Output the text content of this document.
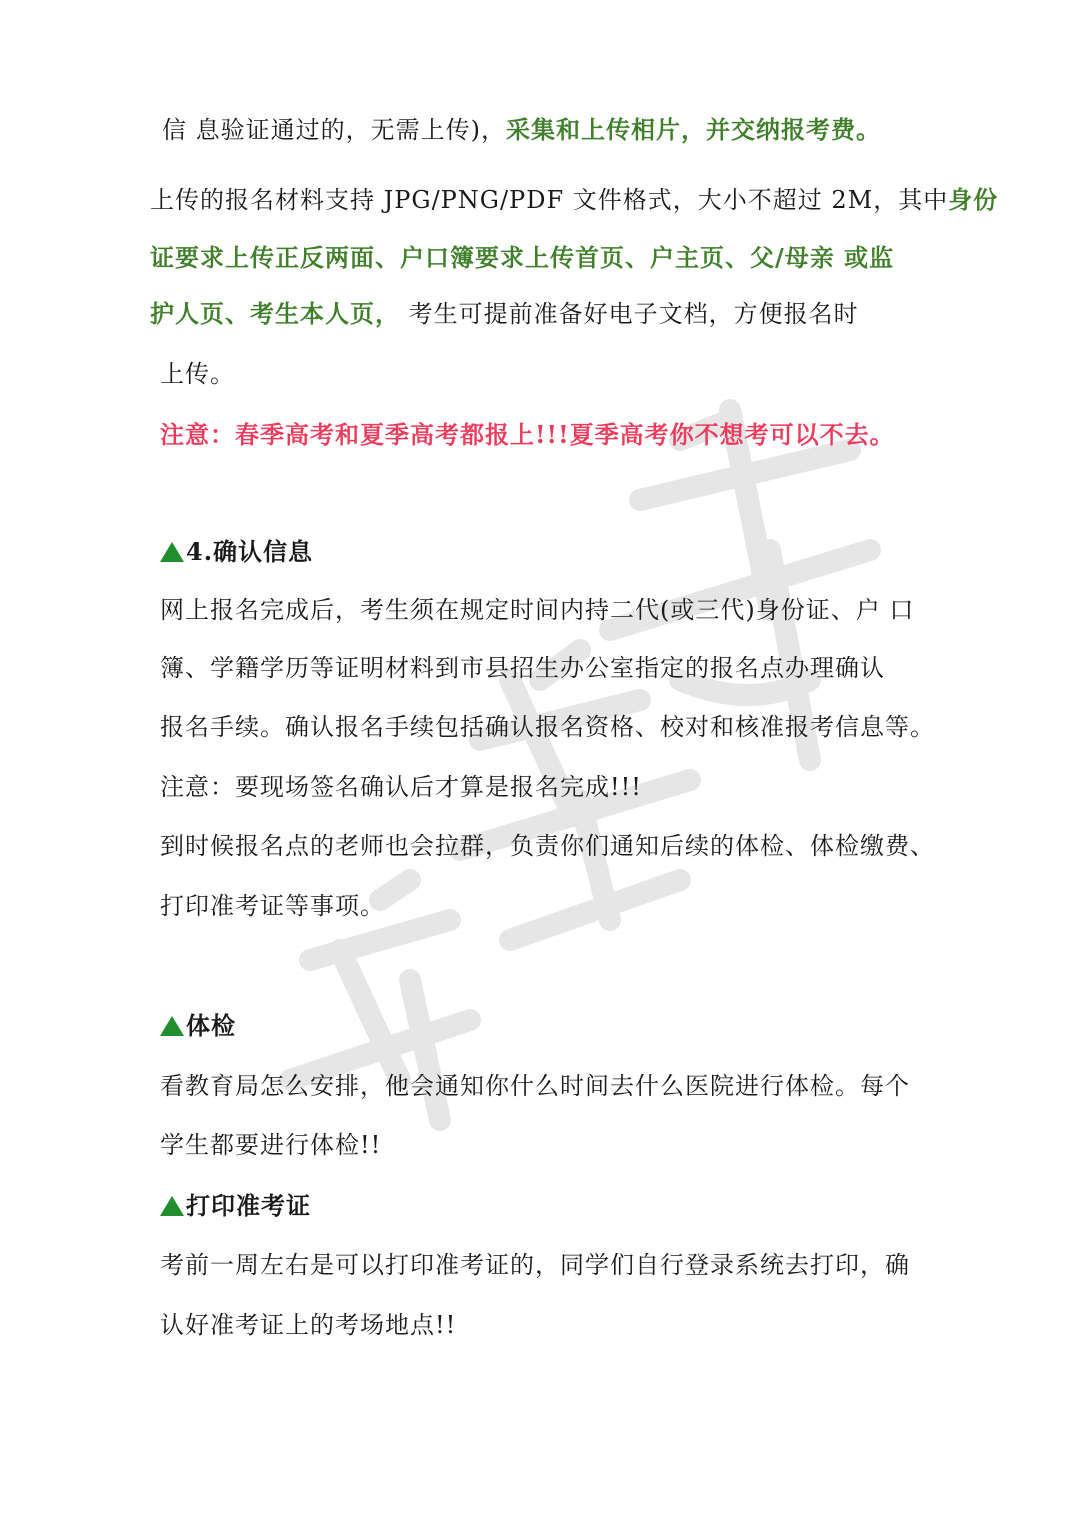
信 息验证通过的，无需上传)，采集和上传相片，并交纳报考费。
上传的报名材料支持 JPG/PNG/PDF 文件格式，大小不超过 2M，其中身份
证要求上传正反两面、户口簿要求上传首页、户主页、父/母亲 或监
护人页、考生本人页， 考生可提前准备好电子文档，方便报名时
上传。
注意：春季高考和夏季高考都报上!!!夏季高考你不想考可以不去。
4.确认信息
网上报名完成后，考生须在规定时间内持二代(或三代)身份证、户 口
簿、学籍学历等证明材料到市县招生办公室指定的报名点办理确认
报名手续。确认报名手续包括确认报名资格、校对和核准报考信息等。
注意：要现场签名确认后才算是报名完成!!!
到时候报名点的老师也会拉群，负责你们通知后续的体检、体检缴费、
打印准考证等事项。
体检
看教育局怎么安排，他会通知你什么时间去什么医院进行体检。每个
学生都要进行体检!!
打印准考证
考前一周左右是可以打印准考证的，同学们自行登录系统去打印，确
认好准考证上的考场地点!!
